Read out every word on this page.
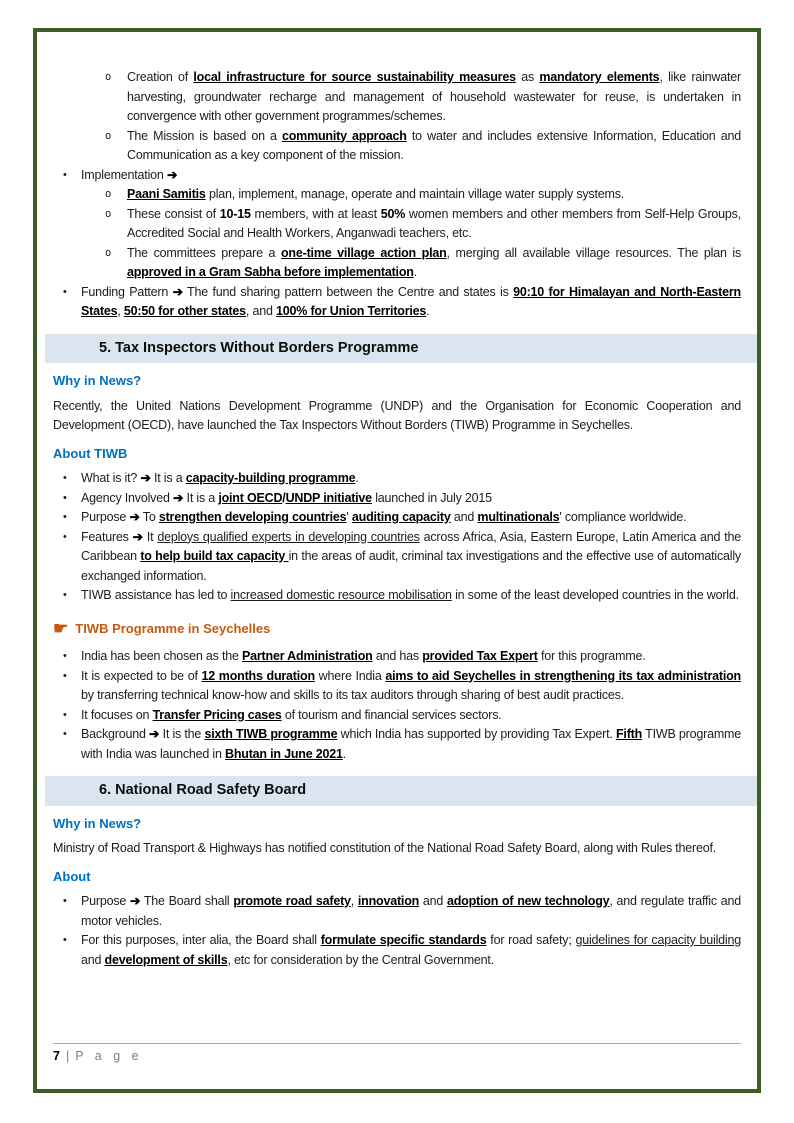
o	Creation of local infrastructure for source sustainability measures as mandatory elements, like rainwater harvesting, groundwater recharge and management of household wastewater for reuse, is undertaken in convergence with other government programmes/schemes.
o	The Mission is based on a community approach to water and includes extensive Information, Education and Communication as a key component of the mission.
•	Implementation ➔
o	Paani Samitis plan, implement, manage, operate and maintain village water supply systems.
o	These consist of 10-15 members, with at least 50% women members and other members from Self-Help Groups, Accredited Social and Health Workers, Anganwadi teachers, etc.
o	The committees prepare a one-time village action plan, merging all available village resources. The plan is approved in a Gram Sabha before implementation.
•	Funding Pattern ➔ The fund sharing pattern between the Centre and states is 90:10 for Himalayan and North-Eastern States, 50:50 for other states, and 100% for Union Territories.
5. Tax Inspectors Without Borders Programme
Why in News?

Recently, the United Nations Development Programme (UNDP) and the Organisation for Economic Cooperation and Development (OECD), have launched the Tax Inspectors Without Borders (TIWB) Programme in Seychelles.

About TIWB
•	What is it? ➔ It is a capacity-building programme.
•	Agency Involved ➔ It is a joint OECD/UNDP initiative launched in July 2015
•	Purpose ➔ To strengthen developing countries' auditing capacity and multinationals' compliance worldwide.
•	Features ➔ It deploys qualified experts in developing countries across Africa, Asia, Eastern Europe, Latin America and the Caribbean to help build tax capacity in the areas of audit, criminal tax investigations and the effective use of automatically exchanged information.
•	TIWB assistance has led to increased domestic resource mobilisation in some of the least developed countries in the world.
☛ TIWB Programme in Seychelles
•	India has been chosen as the Partner Administration and has provided Tax Expert for this programme.
•	It is expected to be of 12 months duration where India aims to aid Seychelles in strengthening its tax administration by transferring technical know-how and skills to its tax auditors through sharing of best audit practices.
•	It focuses on Transfer Pricing cases of tourism and financial services sectors.
•	Background ➔ It is the sixth TIWB programme which India has supported by providing Tax Expert. Fifth TIWB programme with India was launched in Bhutan in June 2021.
6. National Road Safety Board
Why in News?

Ministry of Road Transport & Highways has notified constitution of the National Road Safety Board, along with Rules thereof.

About
•	Purpose ➔ The Board shall promote road safety, innovation and adoption of new technology, and regulate traffic and motor vehicles.
•	For this purposes, inter alia, the Board shall formulate specific standards for road safety; guidelines for capacity building and development of skills, etc for consideration by the Central Government.
7 | P a g e
